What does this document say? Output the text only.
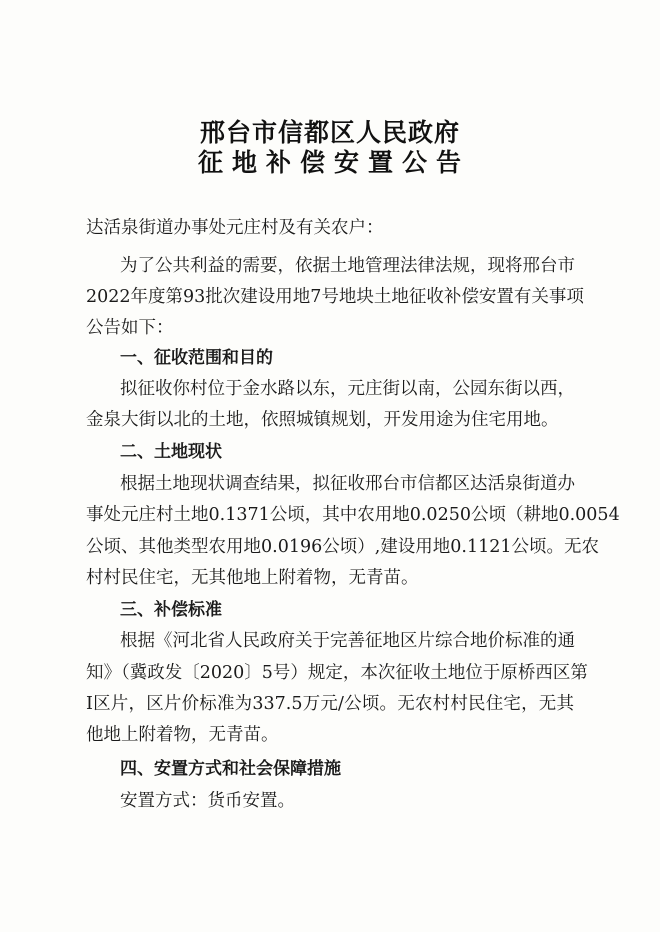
邢台市信都区人民政府
征地补偿安置公告
达活泉街道办事处元庄村及有关农户：
为了公共利益的需要，依据土地管理法律法规，现将邢台市
2022年度第93批次建设用地7号地块土地征收补偿安置有关事项
公告如下：
一、征收范围和目的
拟征收你村位于金水路以东，元庄街以南，公园东街以西，
金泉大街以北的土地，依照城镇规划，开发用途为住宅用地。
二、土地现状
根据土地现状调查结果，拟征收邢台市信都区达活泉街道办
事处元庄村土地0.1371公顷，其中农用地0.0250公顷（耕地0.0054
公顷、其他类型农用地0.0196公顷）,建设用地0.1121公顷。无农
村村民住宅，无其他地上附着物，无青苗。
三、补偿标准
根据《河北省人民政府关于完善征地区片综合地价标准的通
知》（冀政发〔2020〕5号）规定，本次征收土地位于原桥西区第
Ⅰ区片，区片价标准为337.5万元/公顷。无农村村民住宅，无其
他地上附着物，无青苗。
四、安置方式和社会保障措施
安置方式：货币安置。
